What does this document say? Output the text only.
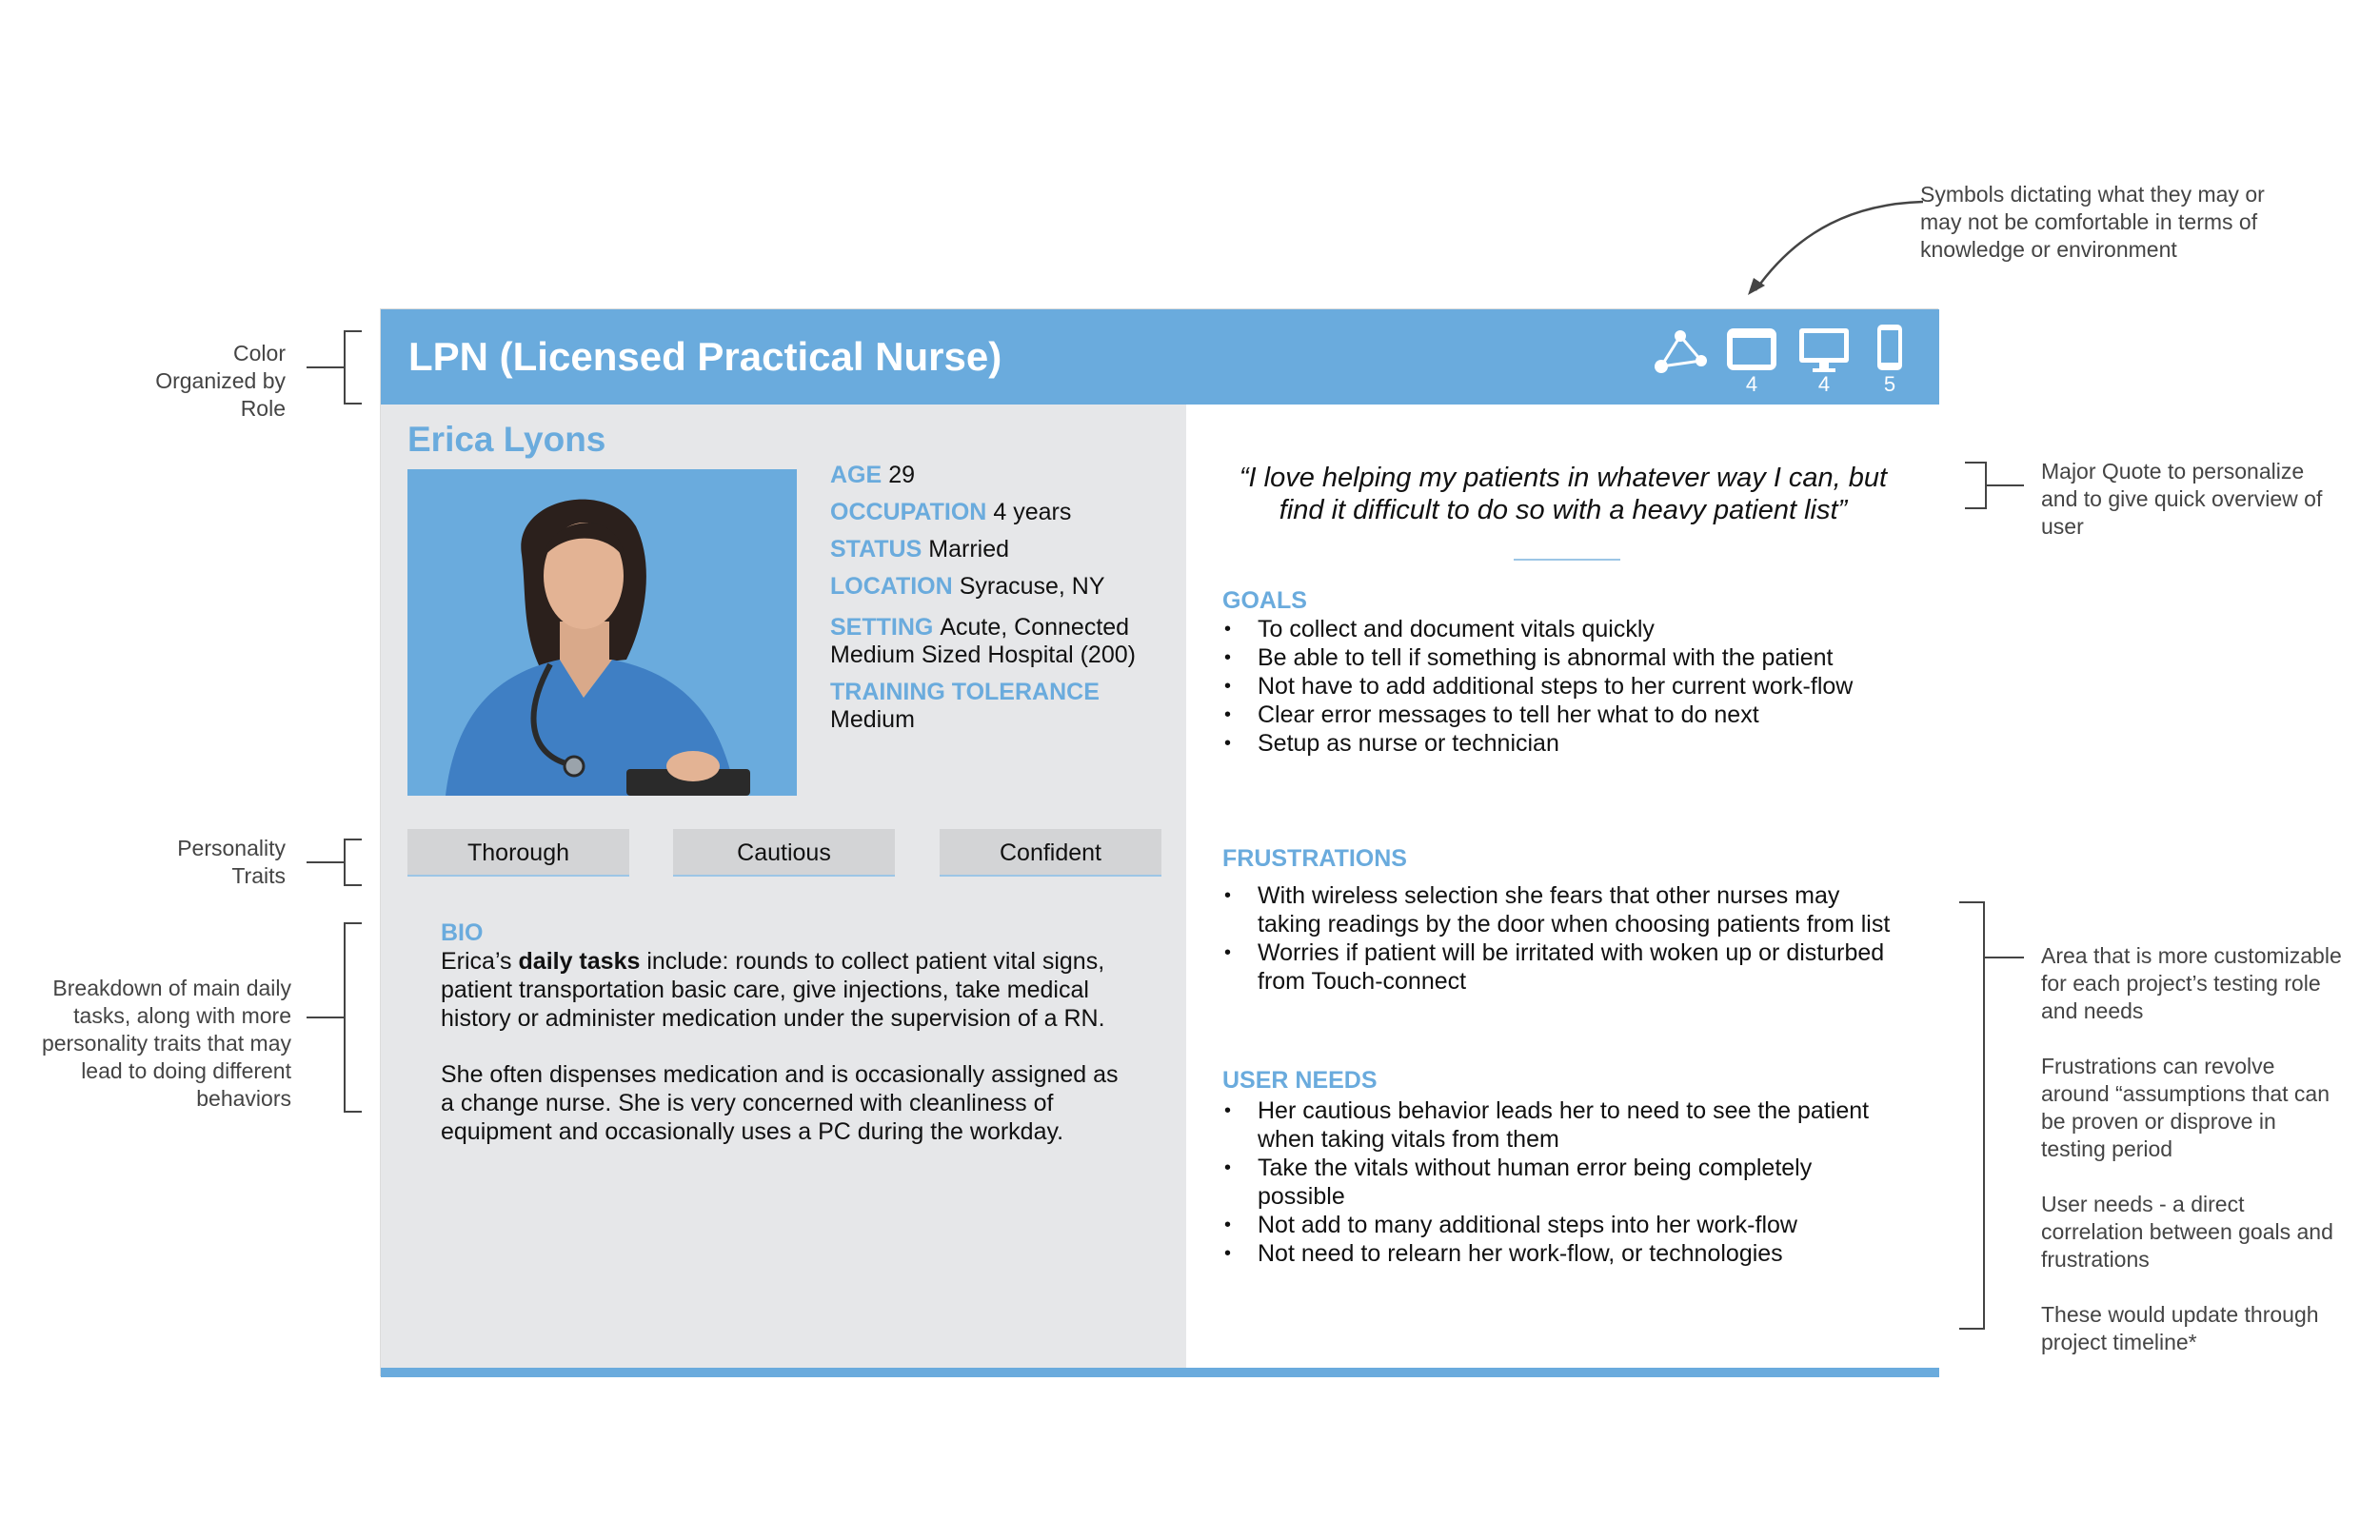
Color Organized by Role
Personality Traits
Breakdown of main daily tasks, along with more personality traits that may lead to doing different behaviors
Symbols dictating what they may or may not be comfortable in terms of knowledge or environment
Major Quote to personalize and to give quick overview of user

Area that is more customizable for each project’s testing role and needs

Frustrations can revolve around “assumptions that can be proven or disprove in testing period

User needs - a direct correlation between goals and frustrations

These would update through project timeline*

LPN (Licensed Practical Nurse)
4	4	5
Erica Lyons
AGE 29
OCCUPATION 4 years
STATUS Married
LOCATION Syracuse, NY
SETTING Acute, Connected
Medium Sized Hospital (200)
TRAINING TOLERANCE
Medium
Thorough	Cautious	Confident
BIO
Erica’s daily tasks include: rounds to collect patient vital signs, patient transportation basic care, give injections, take medical history or administer medication under the supervision of a RN.
She often dispenses medication and is occasionally assigned as a change nurse. She is very concerned with cleanliness of equipment and occasionally uses a PC during the workday.
“I love helping my patients in whatever way I can, but find it difficult to do so with a heavy patient list”
GOALS
• To collect and document vitals quickly
• Be able to tell if something is abnormal with the patient
• Not have to add additional steps to her current work-flow
• Clear error messages to tell her what to do next
• Setup as nurse or technician
FRUSTRATIONS
• With wireless selection she fears that other nurses may taking readings by the door when choosing patients from list
• Worries if patient will be irritated with woken up or disturbed from Touch-connect
USER NEEDS
• Her cautious behavior leads her to need to see the patient when taking vitals from them
• Take the vitals without human error being completely possible
• Not add to many additional steps into her work-flow
• Not need to relearn her work-flow, or technologies
